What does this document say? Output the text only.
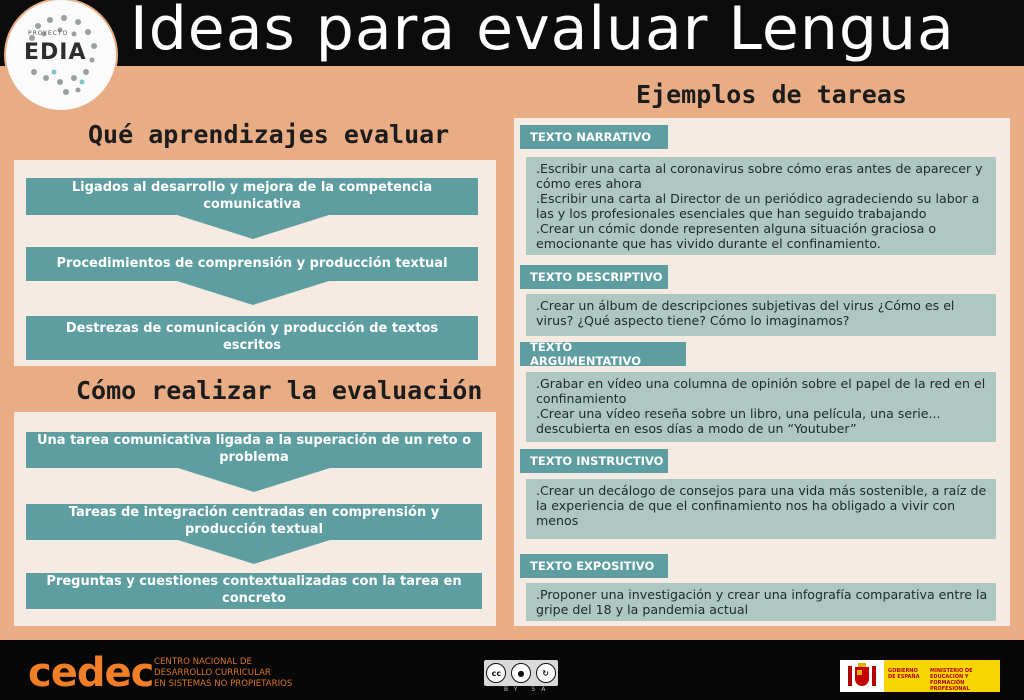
PROYECTO
EDIA Ideas para evaluar Lengua
Qué aprendizajes evaluar
Ligados al desarrollo y mejora de la competencia comunicativa
Procedimientos de comprensión y producción textual
Destrezas de comunicación y producción de textos escritos
Cómo realizar la evaluación
Una tarea comunicativa ligada a la superación de un reto o problema
Tareas de integración centradas en comprensión y producción textual
Preguntas y cuestiones contextualizadas con la tarea en concreto
Ejemplos de tareas
TEXTO NARRATIVO
.Escribir una carta al coronavirus sobre cómo eras antes de aparecer y cómo eres ahora
.Escribir una carta al Director de un periódico agradeciendo su labor a las y los profesionales esenciales que han seguido trabajando
.Crear un cómic donde representen alguna situación graciosa o emocionante que has vivido durante el confinamiento.
TEXTO DESCRIPTIVO
.Crear un álbum de descripciones subjetivas del virus ¿Cómo es el virus? ¿Qué aspecto tiene? Cómo lo imaginamos?
TEXTO ARGUMENTATIVO
.Grabar en vídeo una columna de opinión sobre el papel de la red en el confinamiento
.Crear una vídeo reseña sobre un libro, una película, una serie... descubierta en esos días a modo de un “Youtuber”
TEXTO INSTRUCTIVO
.Crear un decálogo de consejos para una vida más sostenible, a raíz de la experiencia de que el confinamiento nos ha obligado a vivir con menos
TEXTO EXPOSITIVO
.Proponer una investigación y crear una infografía comparativa entre la gripe del 18 y la pandemia actual
cedec CENTRO NACIONAL DE
DESARROLLO CURRICULAR
EN SISTEMAS NO PROPIETARIOS
cc	●	↻
BY SA
GOBIERNO DE ESPAÑA
MINISTERIO DE EDUCACIÓN Y FORMACIÓN PROFESIONAL
